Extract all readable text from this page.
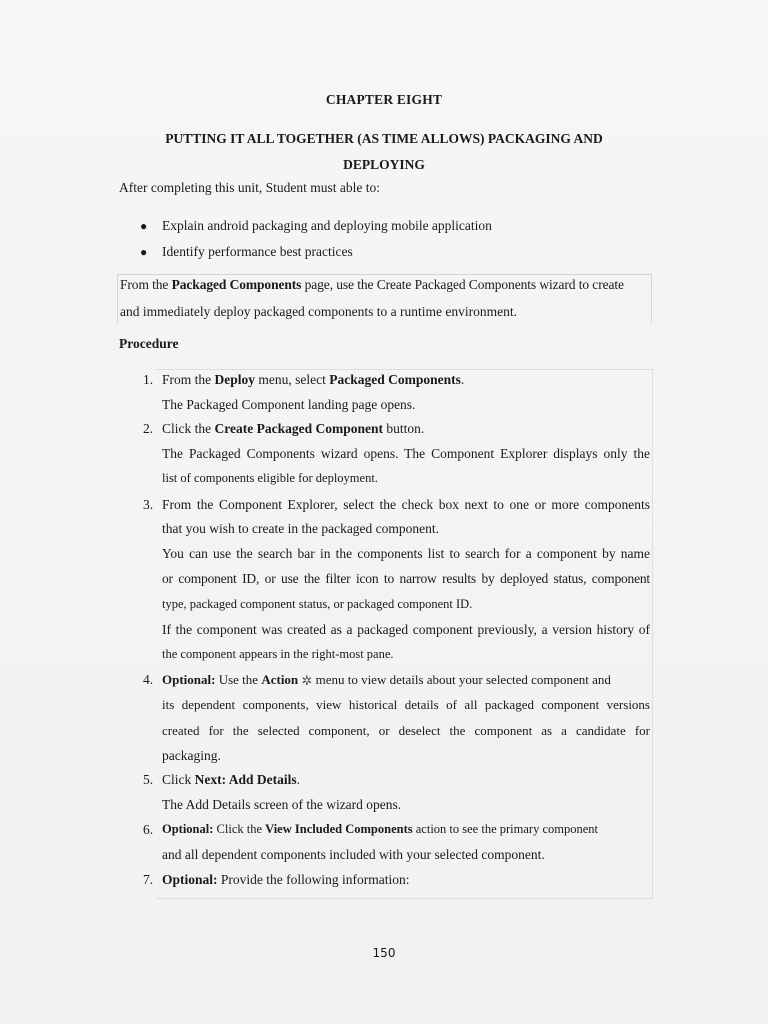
CHAPTER EIGHT
PUTTING IT ALL TOGETHER (AS TIME ALLOWS) PACKAGING AND
DEPLOYING
After completing this unit, Student must able to:
●	Explain android packaging and deploying mobile application
●	Identify performance best practices
From the Packaged Components page, use the Create Packaged Components wizard to create
and immediately deploy packaged components to a runtime environment.
Procedure
1. From the Deploy menu, select Packaged Components.
The Packaged Component landing page opens.
2. Click the Create Packaged Component button.
The Packaged Components wizard opens. The Component Explorer displays only the
list of components eligible for deployment.
3. From the Component Explorer, select the check box next to one or more components
that you wish to create in the packaged component.
You can use the search bar in the components list to search for a component by name
or component ID, or use the filter icon to narrow results by deployed status, component
type, packaged component status, or packaged component ID.
If the component was created as a packaged component previously, a version history of
the component appears in the right-most pane.
4. Optional: Use the Action ✲ menu to view details about your selected component and
its dependent components, view historical details of all packaged component versions
created for the selected component, or deselect the component as a candidate for
packaging.
5. Click Next: Add Details.
The Add Details screen of the wizard opens.
6. Optional: Click the View Included Components action to see the primary component
and all dependent components included with your selected component.
7. Optional: Provide the following information:
150
